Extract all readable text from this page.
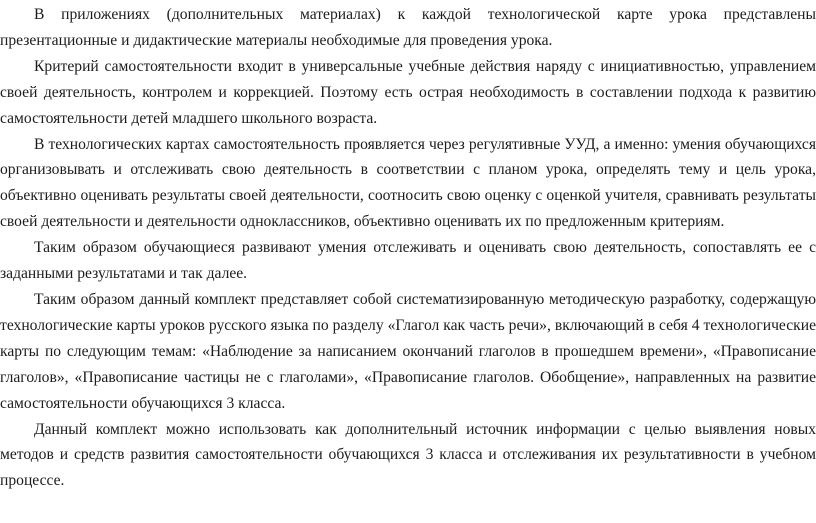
В приложениях (дополнительных материалах) к каждой технологической карте урока представлены презентационные и дидактические материалы необходимые для проведения урока.

Критерий самостоятельности входит в универсальные учебные действия наряду с инициативностью, управлением своей деятельность, контролем и коррекцией. Поэтому есть острая необходимость в составлении подхода к развитию самостоятельности детей младшего школьного возраста.

В технологических картах самостоятельность проявляется через регулятивные УУД, а именно: умения обучающихся организовывать и отслеживать свою деятельность в соответствии с планом урока, определять тему и цель урока, объективно оценивать результаты своей деятельности, соотносить свою оценку с оценкой учителя, сравнивать результаты своей деятельности и деятельности одноклассников, объективно оценивать их по предложенным критериям.

Таким образом обучающиеся развивают умения отслеживать и оценивать свою деятельность, сопоставлять ее с заданными результатами и так далее.

Таким образом данный комплект представляет собой систематизированную методическую разработку, содержащую технологические карты уроков русского языка по разделу «Глагол как часть речи», включающий в себя 4 технологические карты по следующим темам: «Наблюдение за написанием окончаний глаголов в прошедшем времени», «Правописание глаголов», «Правописание частицы не с глаголами», «Правописание глаголов. Обобщение», направленных на развитие самостоятельности обучающихся 3 класса.

Данный комплект можно использовать как дополнительный источник информации с целью выявления новых методов и средств развития самостоятельности обучающихся 3 класса и отслеживания их результативности в учебном процессе.
